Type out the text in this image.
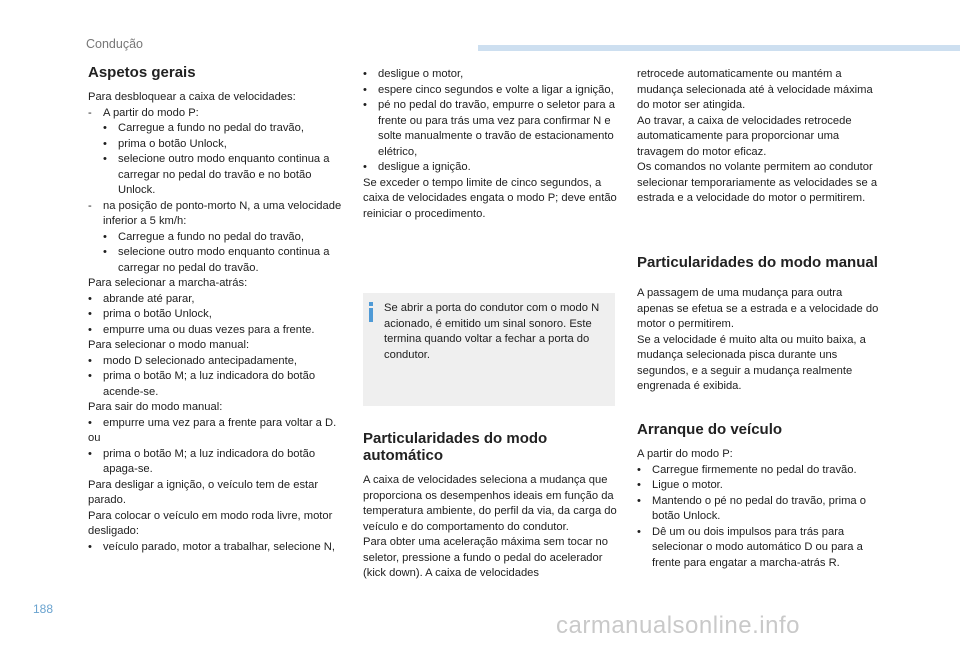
Condução
Aspetos gerais

Para desbloquear a caixa de velocidades:

- A partir do modo P:

• Carregue a fundo no pedal do travão,

• prima o botão Unlock,

• selecione outro modo enquanto continua a carregar no pedal do travão e no botão Unlock.

- na posição de ponto-morto N, a uma velocidade inferior a 5 km/h:

• Carregue a fundo no pedal do travão,

• selecione outro modo enquanto continua a carregar no pedal do travão.

Para selecionar a marcha-atrás:

• abrande até parar,

• prima o botão Unlock,

• empurre uma ou duas vezes para a frente.

Para selecionar o modo manual:

• modo D selecionado antecipadamente,

• prima o botão M; a luz indicadora do botão acende-se.

Para sair do modo manual:

• empurre uma vez para a frente para voltar a D.

ou

• prima o botão M; a luz indicadora do botão apaga-se.

Para desligar a ignição, o veículo tem de estar parado.

Para colocar o veículo em modo roda livre, motor desligado:

• veículo parado, motor a trabalhar, selecione N,

• desligue o motor,

• espere cinco segundos e volte a ligar a ignição,

• pé no pedal do travão, empurre o seletor para a frente ou para trás uma vez para confirmar N e solte manualmente o travão de estacionamento elétrico,

• desligue a ignição.

Se exceder o tempo limite de cinco segundos, a caixa de velocidades engata o modo P; deve então reiniciar o procedimento.

Se abrir a porta do condutor com o modo N acionado, é emitido um sinal sonoro. Este termina quando voltar a fechar a porta do condutor.
Particularidades do modo automático

A caixa de velocidades seleciona a mudança que proporciona os desempenhos ideais em função da temperatura ambiente, do perfil da via, da carga do veículo e do comportamento do condutor.

Para obter uma aceleração máxima sem tocar no seletor, pressione a fundo o pedal do acelerador (kick down). A caixa de velocidades

retrocede automaticamente ou mantém a mudança selecionada até à velocidade máxima do motor ser atingida.

Ao travar, a caixa de velocidades retrocede automaticamente para proporcionar uma travagem do motor eficaz.

Os comandos no volante permitem ao condutor selecionar temporariamente as velocidades se a estrada e a velocidade do motor o permitirem.

Particularidades do modo manual

A passagem de uma mudança para outra apenas se efetua se a estrada e a velocidade do motor o permitirem.

Se a velocidade é muito alta ou muito baixa, a mudança selecionada pisca durante uns segundos, e a seguir a mudança realmente engrenada é exibida.

Arranque do veículo

A partir do modo P:

• Carregue firmemente no pedal do travão.

• Ligue o motor.

• Mantendo o pé no pedal do travão, prima o botão Unlock.

• Dê um ou dois impulsos para trás para selecionar o modo automático D ou para a frente para engatar a marcha-atrás R.

188
carmanualsonline.info
